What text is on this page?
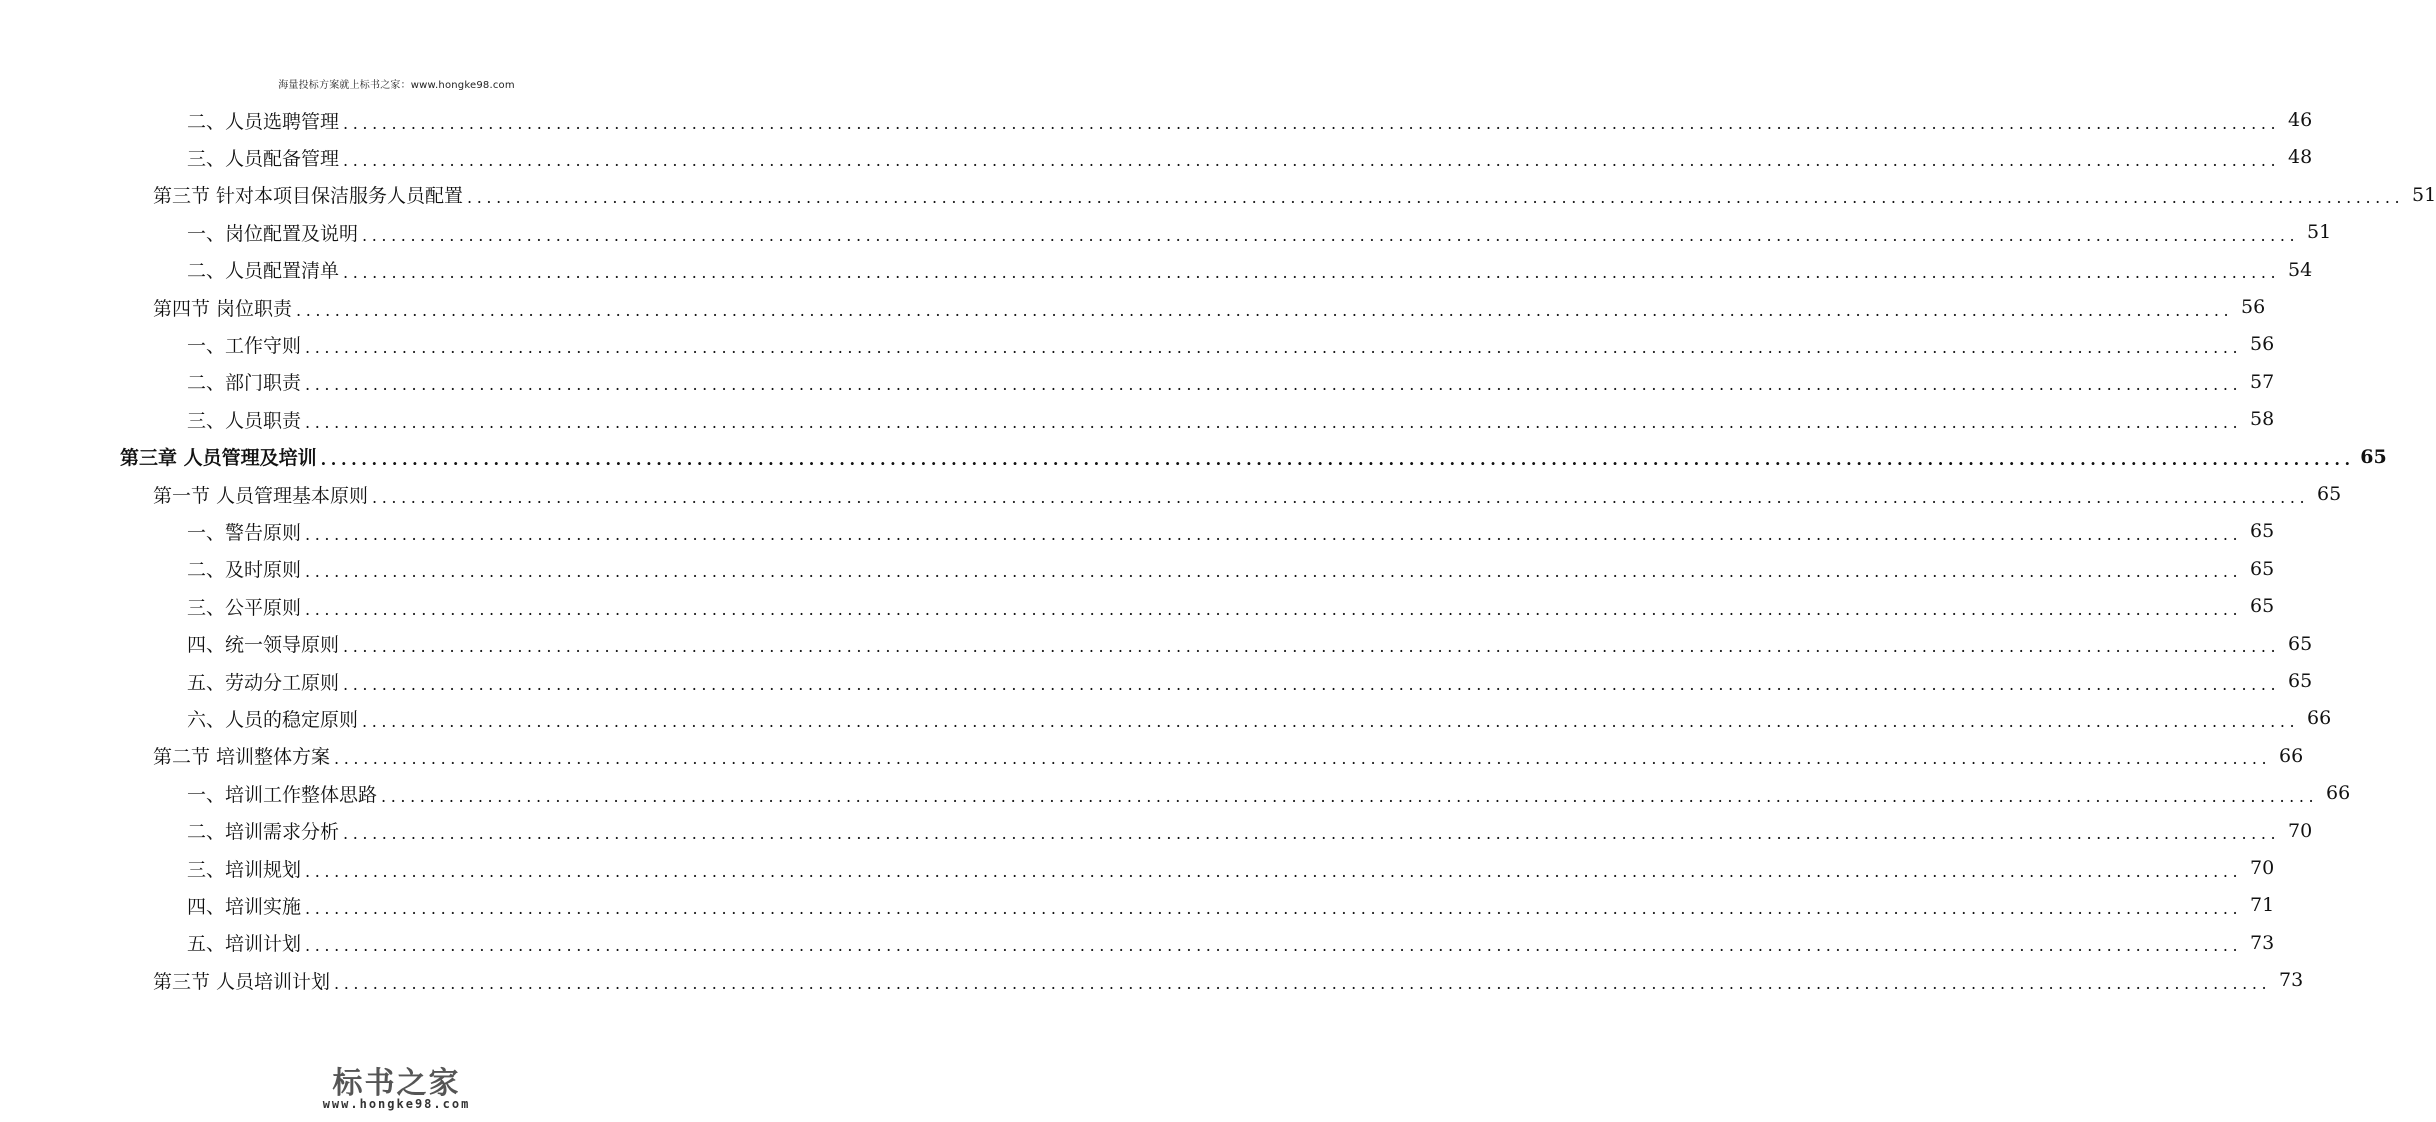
海量投标方案就上标书之家：www.hongke98.com
二、人员选聘管理 ........................................................................................................................................................................................................ 46
三、人员配备管理 ........................................................................................................................................................................................................ 48
第三节 针对本项目保洁服务人员配置 ........................................................................................................................................................................................................ 51
一、岗位配置及说明 ........................................................................................................................................................................................................ 51
二、人员配置清单 ........................................................................................................................................................................................................ 54
第四节 岗位职责 ........................................................................................................................................................................................................ 56
一、工作守则 ........................................................................................................................................................................................................ 56
二、部门职责 ........................................................................................................................................................................................................ 57
三、人员职责 ........................................................................................................................................................................................................ 58
第三章 人员管理及培训 ........................................................................................................................................................................................................ 65
第一节 人员管理基本原则 ........................................................................................................................................................................................................ 65
一、警告原则 ........................................................................................................................................................................................................ 65
二、及时原则 ........................................................................................................................................................................................................ 65
三、公平原则 ........................................................................................................................................................................................................ 65
四、统一领导原则 ........................................................................................................................................................................................................ 65
五、劳动分工原则 ........................................................................................................................................................................................................ 65
六、人员的稳定原则 ........................................................................................................................................................................................................ 66
第二节 培训整体方案 ........................................................................................................................................................................................................ 66
一、培训工作整体思路 ........................................................................................................................................................................................................ 66
二、培训需求分析 ........................................................................................................................................................................................................ 70
三、培训规划 ........................................................................................................................................................................................................ 70
四、培训实施 ........................................................................................................................................................................................................ 71
五、培训计划 ........................................................................................................................................................................................................ 73
第三节 人员培训计划 ........................................................................................................................................................................................................ 73
标书之家
www.hongke98.com
